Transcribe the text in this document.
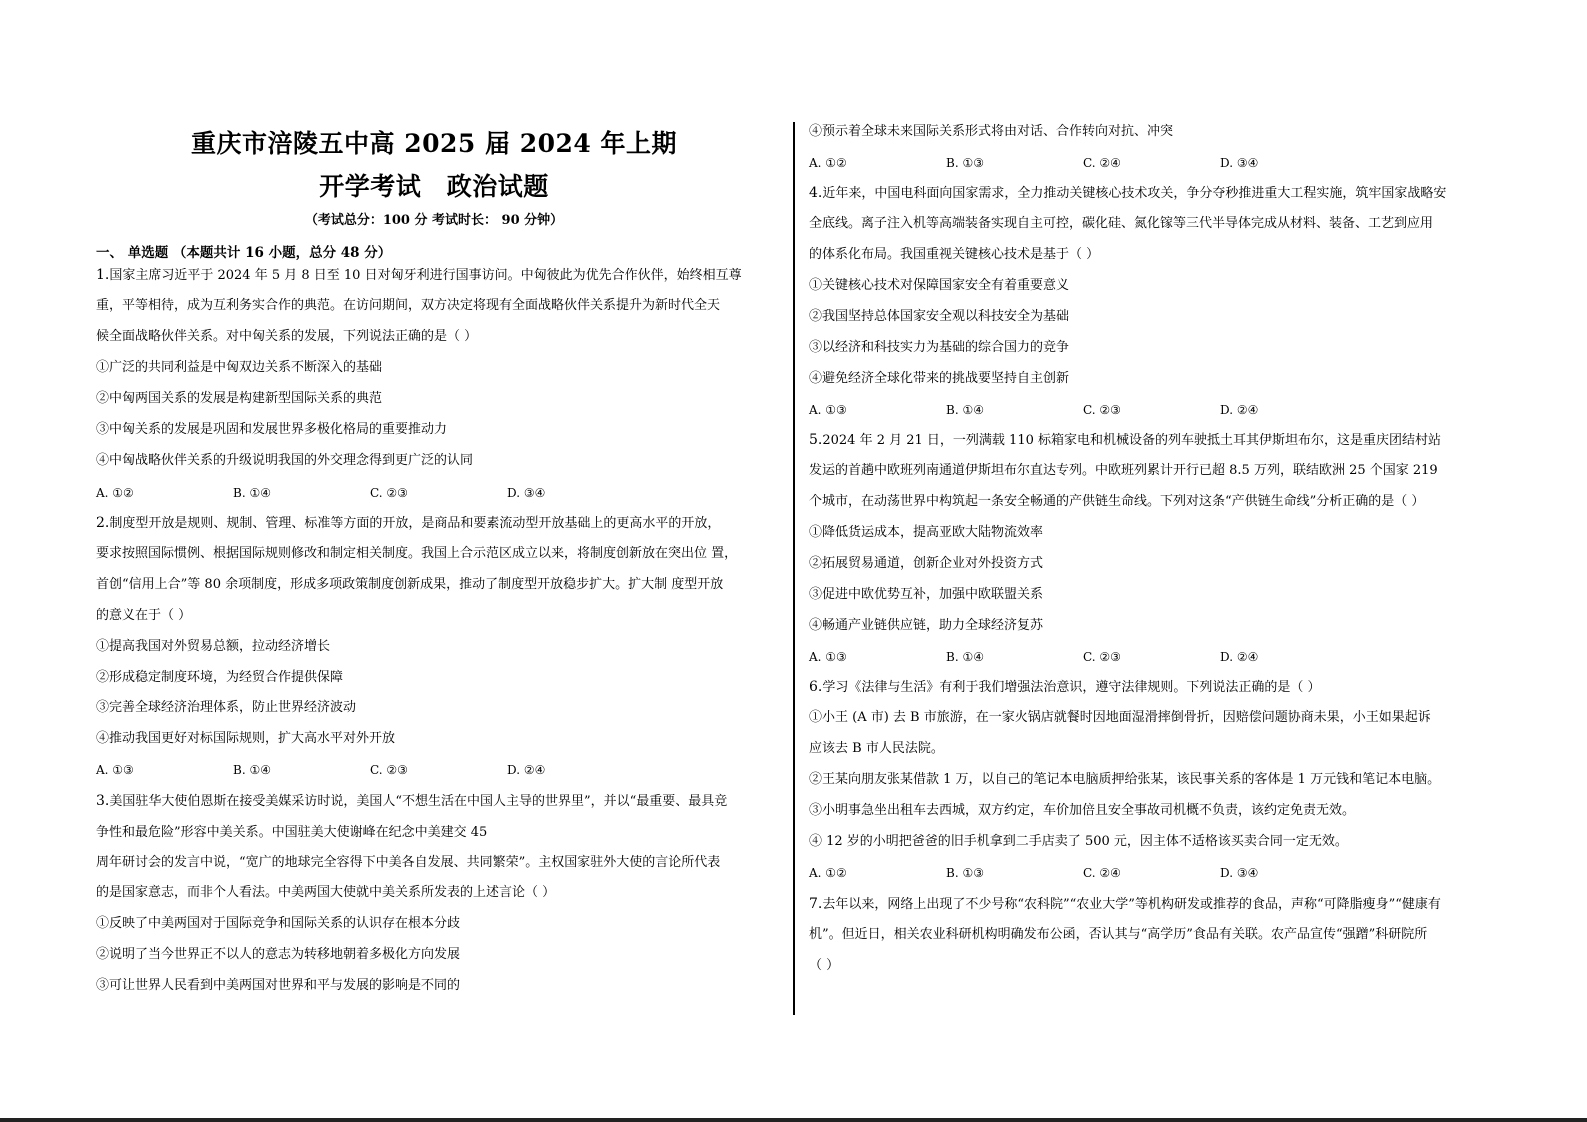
重庆市涪陵五中高 2025 届 2024 年上期
开学考试　政治试题
（考试总分：100 分 考试时长： 90 分钟）
一、 单选题 （本题共计 16 小题，总分 48 分）
1.国家主席习近平于 2024 年 5 月 8 日至 10 日对匈牙利进行国事访问。中匈彼此为优先合作伙伴，始终相互尊
重，平等相待，成为互利务实合作的典范。在访问期间，双方决定将现有全面战略伙伴关系提升为新时代全天
候全面战略伙伴关系。对中匈关系的发展，下列说法正确的是（ ）
①广泛的共同利益是中匈双边关系不断深入的基础
②中匈两国关系的发展是构建新型国际关系的典范
③中匈关系的发展是巩固和发展世界多极化格局的重要推动力
④中匈战略伙伴关系的升级说明我国的外交理念得到更广泛的认同
A. ①②	B. ①④	C. ②③	D. ③④
2.制度型开放是规则、规制、管理、标准等方面的开放，是商品和要素流动型开放基础上的更高水平的开放，
要求按照国际惯例、根据国际规则修改和制定相关制度。我国上合示范区成立以来，将制度创新放在突出位 置，
首创“信用上合”等 80 余项制度，形成多项政策制度创新成果，推动了制度型开放稳步扩大。扩大制 度型开放
的意义在于（ ）
①提高我国对外贸易总额，拉动经济增长
②形成稳定制度环境，为经贸合作提供保障
③完善全球经济治理体系，防止世界经济波动
④推动我国更好对标国际规则，扩大高水平对外开放
A. ①③	B. ①④	C. ②③	D. ②④
3.美国驻华大使伯恩斯在接受美媒采访时说，美国人“不想生活在中国人主导的世界里”，并以“最重要、最具竞
争性和最危险”形容中美关系。中国驻美大使谢峰在纪念中美建交 45
周年研讨会的发言中说，“宽广的地球完全容得下中美各自发展、共同繁荣”。主权国家驻外大使的言论所代表
的是国家意志，而非个人看法。中美两国大使就中美关系所发表的上述言论（ ）
①反映了中美两国对于国际竞争和国际关系的认识存在根本分歧
②说明了当今世界正不以人的意志为转移地朝着多极化方向发展
③可让世界人民看到中美两国对世界和平与发展的影响是不同的
④预示着全球未来国际关系形式将由对话、合作转向对抗、冲突
A. ①②	B. ①③	C. ②④	D. ③④
4.近年来，中国电科面向国家需求，全力推动关键核心技术攻关，争分夺秒推进重大工程实施，筑牢国家战略安
全底线。离子注入机等高端装备实现自主可控，碳化硅、氮化镓等三代半导体完成从材料、装备、工艺到应用
的体系化布局。我国重视关键核心技术是基于（ ）
①关键核心技术对保障国家安全有着重要意义
②我国坚持总体国家安全观以科技安全为基础
③以经济和科技实力为基础的综合国力的竞争
④避免经济全球化带来的挑战要坚持自主创新
A. ①③	B. ①④	C. ②③	D. ②④
5.2024 年 2 月 21 日，一列满载 110 标箱家电和机械设备的列车驶抵土耳其伊斯坦布尔，这是重庆团结村站
发运的首趟中欧班列南通道伊斯坦布尔直达专列。中欧班列累计开行已超 8.5 万列，联结欧洲 25 个国家 219
个城市，在动荡世界中构筑起一条安全畅通的产供链生命线。下列对这条“产供链生命线”分析正确的是（ ）
①降低货运成本，提高亚欧大陆物流效率
②拓展贸易通道，创新企业对外投资方式
③促进中欧优势互补，加强中欧联盟关系
④畅通产业链供应链，助力全球经济复苏
A. ①③	B. ①④	C. ②③	D. ②④
6.学习《法律与生活》有利于我们增强法治意识，遵守法律规则。下列说法正确的是（ ）
①小王 (A 市) 去 B 市旅游，在一家火锅店就餐时因地面湿滑摔倒骨折，因赔偿问题协商未果，小王如果起诉
应该去 B 市人民法院。
②王某向朋友张某借款 1 万，以自己的笔记本电脑质押给张某，该民事关系的客体是 1 万元钱和笔记本电脑。
③小明事急坐出租车去西城，双方约定，车价加倍且安全事故司机概不负责，该约定免责无效。
④ 12 岁的小明把爸爸的旧手机拿到二手店卖了 500 元，因主体不适格该买卖合同一定无效。
A. ①②	B. ①③	C. ②④	D. ③④
7.去年以来，网络上出现了不少号称“农科院”“农业大学”等机构研发或推荐的食品，声称“可降脂瘦身”“健康有
机”。但近日，相关农业科研机构明确发布公函，否认其与“高学历”食品有关联。农产品宣传“强蹭”科研院所
（ ）
